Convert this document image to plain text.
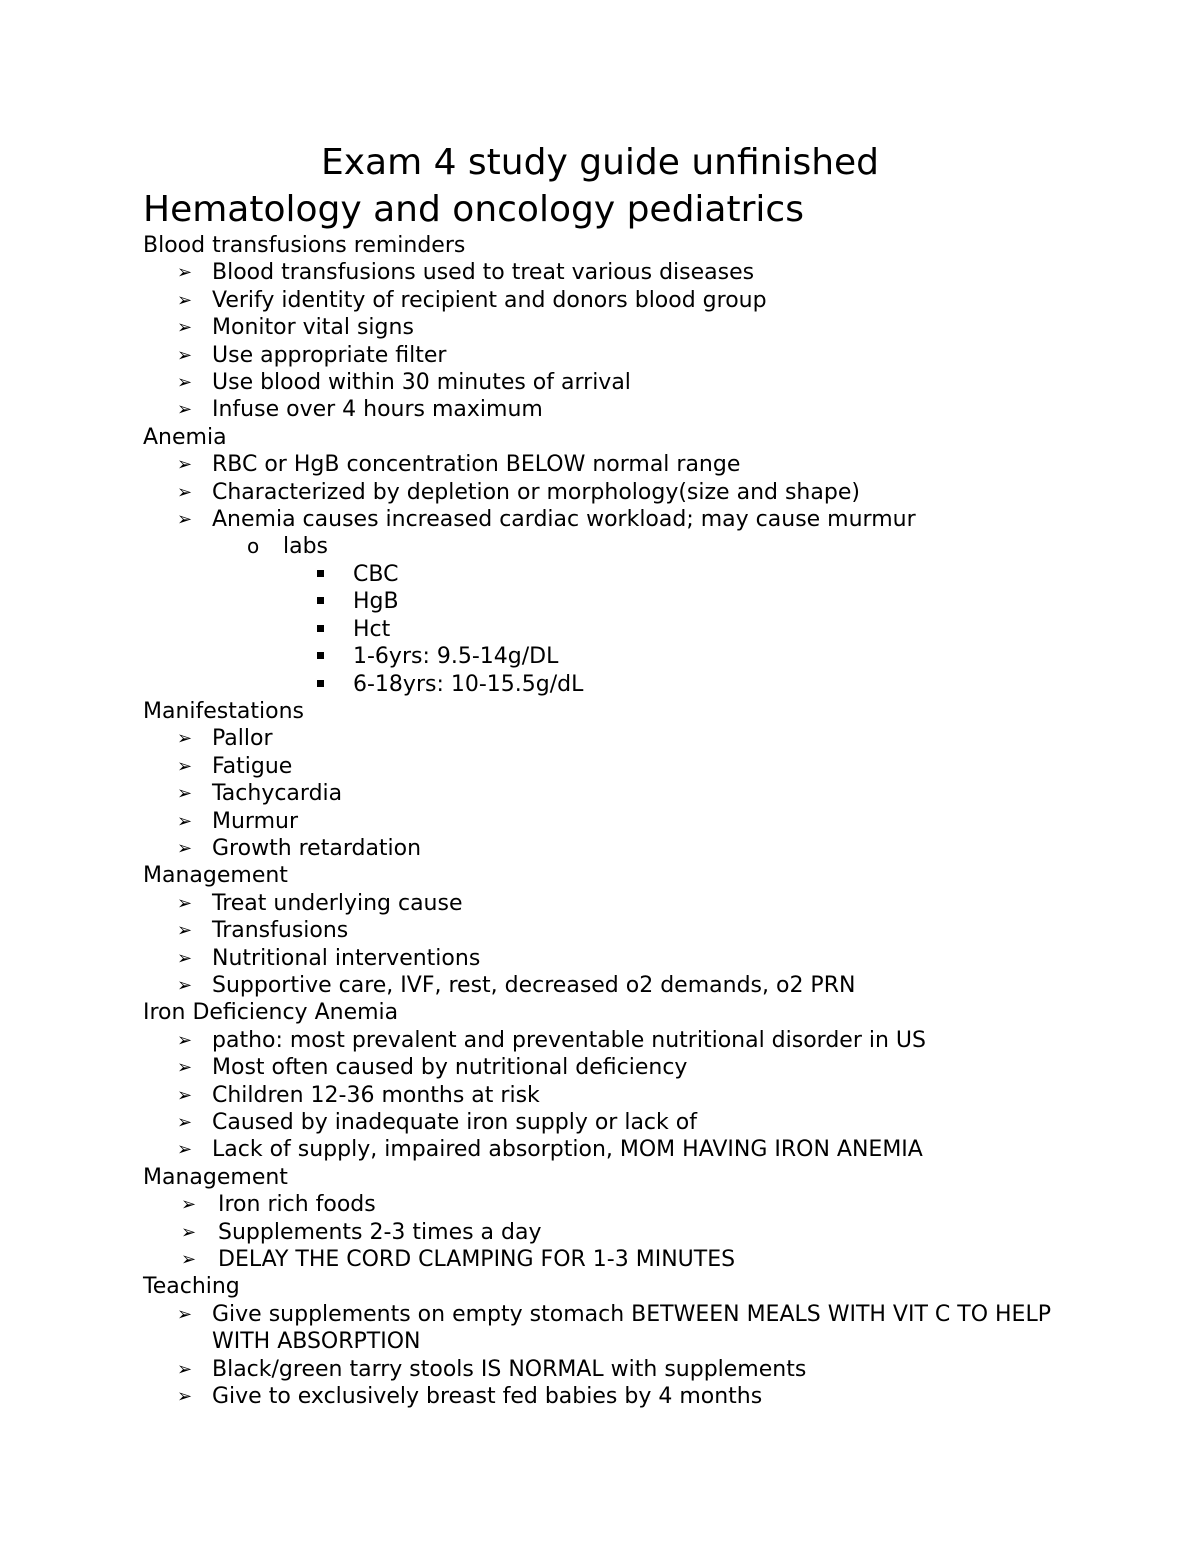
Exam 4 study guide unfinished
Hematology and oncology pediatrics

Blood transfusions reminders

➢ Blood transfusions used to treat various diseases
➢ Verify identity of recipient and donors blood group
➢ Monitor vital signs
➢ Use appropriate filter
➢ Use blood within 30 minutes of arrival
➢ Infuse over 4 hours maximum

Anemia

➢ RBC or HgB concentration BELOW normal range
➢ Characterized by depletion or morphology(size and shape)
➢ Anemia causes increased cardiac workload; may cause murmur
o labs
CBC
HgB
Hct
1-6yrs: 9.5-14g/DL
6-18yrs: 10-15.5g/dL

Manifestations

➢ Pallor
➢ Fatigue
➢ Tachycardia
➢ Murmur
➢ Growth retardation

Management

➢ Treat underlying cause
➢ Transfusions
➢ Nutritional interventions
➢ Supportive care, IVF, rest, decreased o2 demands, o2 PRN

Iron Deficiency Anemia

➢ patho: most prevalent and preventable nutritional disorder in US
➢ Most often caused by nutritional deficiency
➢ Children 12-36 months at risk
➢ Caused by inadequate iron supply or lack of
➢ Lack of supply, impaired absorption, MOM HAVING IRON ANEMIA

Management

➢ Iron rich foods
➢ Supplements 2-3 times a day
➢ DELAY THE CORD CLAMPING FOR 1-3 MINUTES

Teaching

➢ Give supplements on empty stomach BETWEEN MEALS WITH VIT C TO HELP WITH ABSORPTION
➢ Black/green tarry stools IS NORMAL with supplements
➢ Give to exclusively breast fed babies by 4 months
